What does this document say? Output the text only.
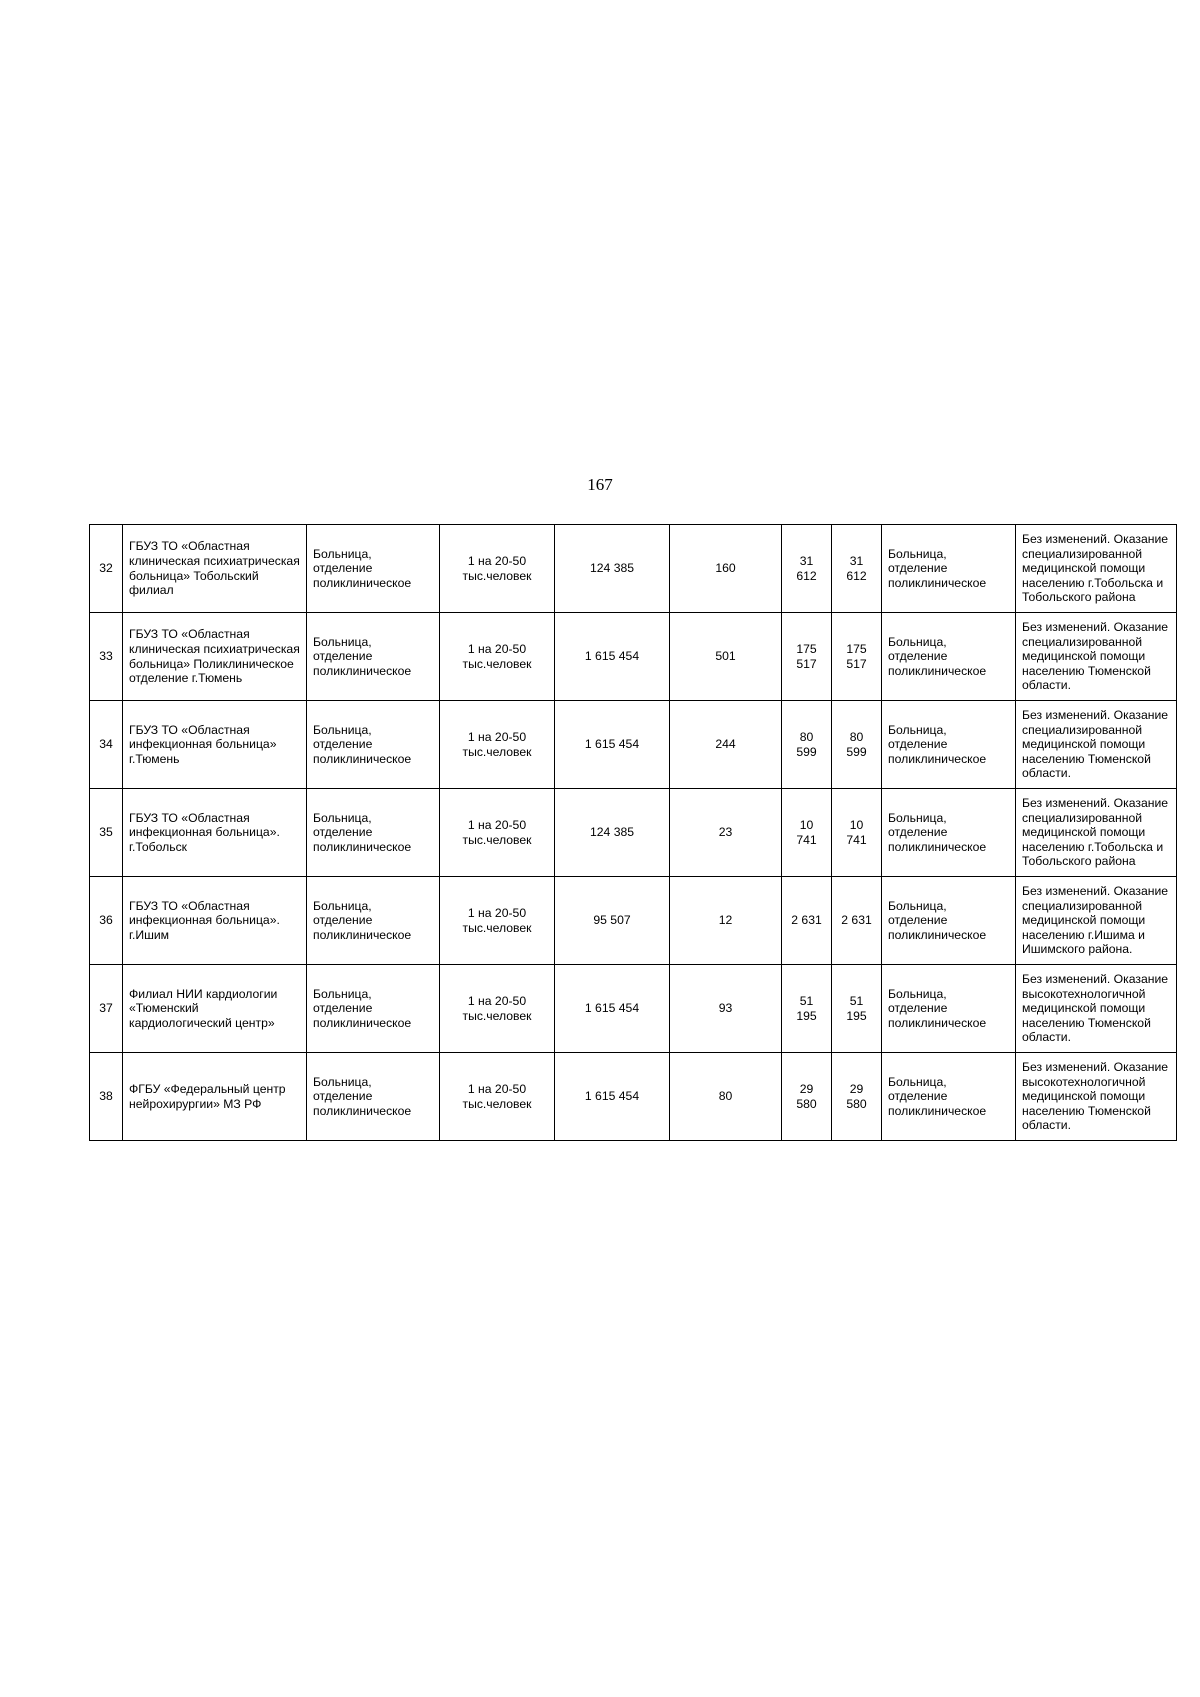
167
32	ГБУЗ ТО «Областная клиническая психиатрическая больница» Тобольский филиал	Больница, отделение поликлиническое	1 на 20-50 тыс.человек	124 385	160	31 612	31 612	Больница, отделение поликлиническое	Без изменений. Оказание специализированной медицинской помощи населению г.Тобольска и Тобольского района
33	ГБУЗ ТО «Областная клиническая психиатрическая больница» Поликлиническое отделение г.Тюмень	Больница, отделение поликлиническое	1 на 20-50 тыс.человек	1 615 454	501	175 517	175 517	Больница, отделение поликлиническое	Без изменений. Оказание специализированной медицинской помощи населению Тюменской области.
34	ГБУЗ ТО «Областная инфекционная больница» г.Тюмень	Больница, отделение поликлиническое	1 на 20-50 тыс.человек	1 615 454	244	80 599	80 599	Больница, отделение поликлиническое	Без изменений. Оказание специализированной медицинской помощи населению Тюменской области.
35	ГБУЗ ТО «Областная инфекционная больница». г.Тобольск	Больница, отделение поликлиническое	1 на 20-50 тыс.человек	124 385	23	10 741	10 741	Больница, отделение поликлиническое	Без изменений. Оказание специализированной медицинской помощи населению г.Тобольска и Тобольского района
36	ГБУЗ ТО «Областная инфекционная больница». г.Ишим	Больница, отделение поликлиническое	1 на 20-50 тыс.человек	95 507	12	2 631	2 631	Больница, отделение поликлиническое	Без изменений. Оказание специализированной медицинской помощи населению г.Ишима и Ишимского района.
37	Филиал НИИ кардиологии «Тюменский кардиологический центр»	Больница, отделение поликлиническое	1 на 20-50 тыс.человек	1 615 454	93	51 195	51 195	Больница, отделение поликлиническое	Без изменений. Оказание высокотехнологичной медицинской помощи населению Тюменской области.
38	ФГБУ «Федеральный центр нейрохирургии» МЗ РФ	Больница, отделение поликлиническое	1 на 20-50 тыс.человек	1 615 454	80	29 580	29 580	Больница, отделение поликлиническое	Без изменений. Оказание высокотехнологичной медицинской помощи населению Тюменской области.
